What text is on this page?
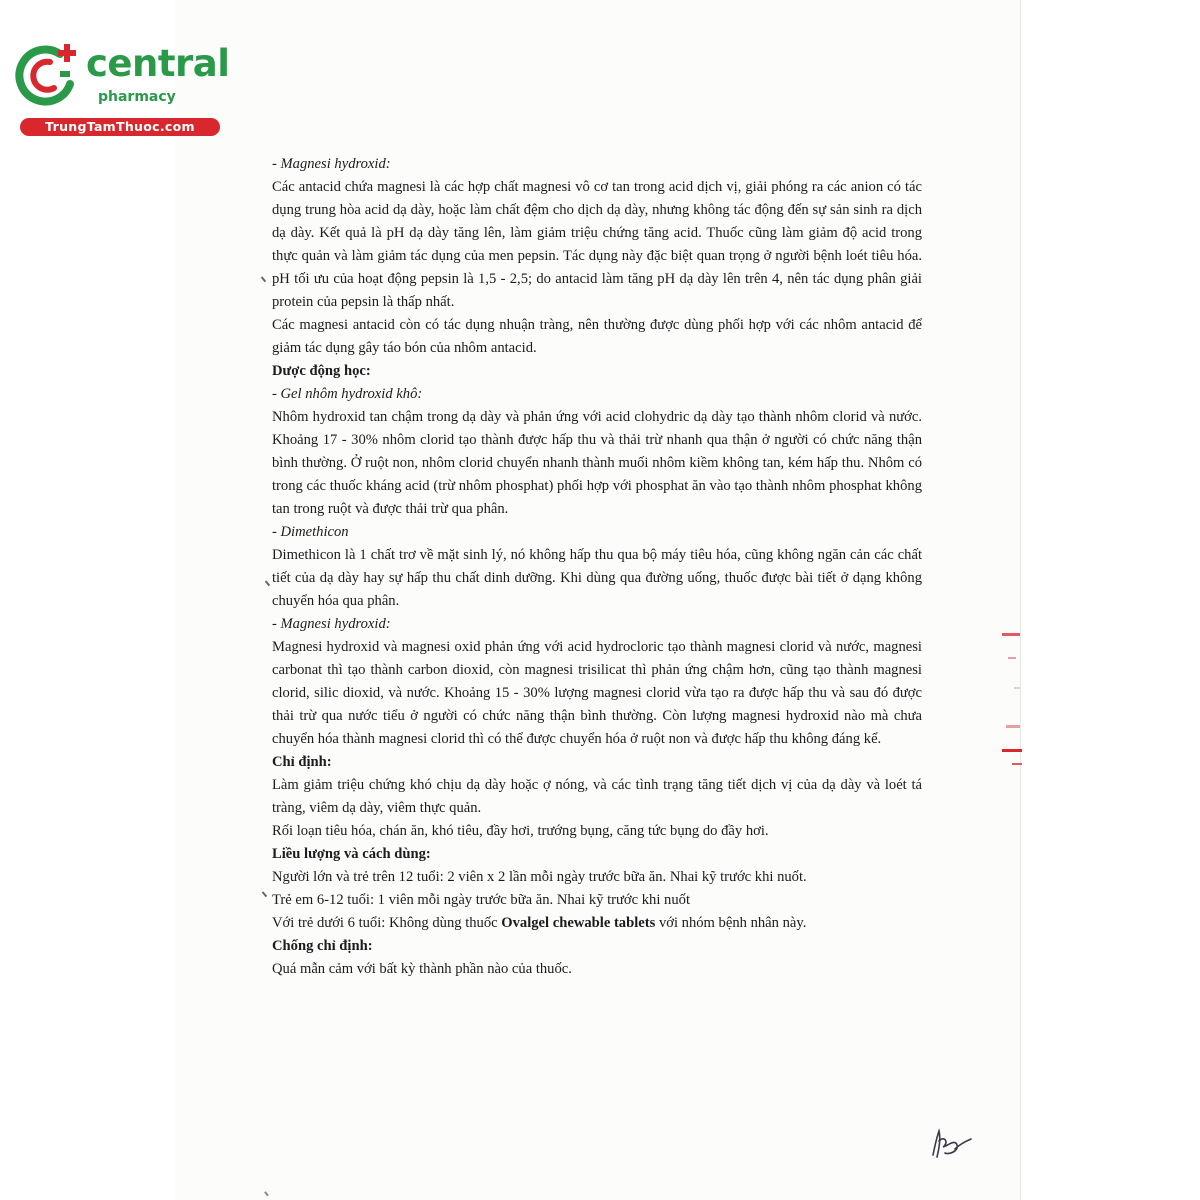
central
pharmacy
TrungTamThuoc.com

- Magnesi hydroxid:

Các antacid chứa magnesi là các hợp chất magnesi vô cơ tan trong acid dịch vị, giải phóng ra các anion có tác dụng trung hòa acid dạ dày, hoặc làm chất đệm cho dịch dạ dày, nhưng không tác động đến sự sản sinh ra dịch dạ dày. Kết quả là pH dạ dày tăng lên, làm giảm triệu chứng tăng acid. Thuốc cũng làm giảm độ acid trong thực quản và làm giảm tác dụng của men pepsin. Tác dụng này đặc biệt quan trọng ở người bệnh loét tiêu hóa. pH tối ưu của hoạt động pepsin là 1,5 - 2,5; do antacid làm tăng pH dạ dày lên trên 4, nên tác dụng phân giải protein của pepsin là thấp nhất.

Các magnesi antacid còn có tác dụng nhuận tràng, nên thường được dùng phối hợp với các nhôm antacid để giảm tác dụng gây táo bón của nhôm antacid.

Dược động học:

- Gel nhôm hydroxid khô:

Nhôm hydroxid tan chậm trong dạ dày và phản ứng với acid clohydric dạ dày tạo thành nhôm clorid và nước. Khoảng 17 - 30% nhôm clorid tạo thành được hấp thu và thải trừ nhanh qua thận ở người có chức năng thận bình thường. Ở ruột non, nhôm clorid chuyển nhanh thành muối nhôm kiềm không tan, kém hấp thu. Nhôm có trong các thuốc kháng acid (trừ nhôm phosphat) phối hợp với phosphat ăn vào tạo thành nhôm phosphat không tan trong ruột và được thải trừ qua phân.

- Dimethicon

Dimethicon là 1 chất trơ về mặt sinh lý, nó không hấp thu qua bộ máy tiêu hóa, cũng không ngăn cản các chất tiết của dạ dày hay sự hấp thu chất dinh dưỡng. Khi dùng qua đường uống, thuốc được bài tiết ở dạng không chuyển hóa qua phân.

- Magnesi hydroxid:

Magnesi hydroxid và magnesi oxid phản ứng với acid hydrocloric tạo thành magnesi clorid và nước, magnesi carbonat thì tạo thành carbon dioxid, còn magnesi trisilicat thì phản ứng chậm hơn, cũng tạo thành magnesi clorid, silic dioxid, và nước. Khoảng 15 - 30% lượng magnesi clorid vừa tạo ra được hấp thu và sau đó được thải trừ qua nước tiểu ở người có chức năng thận bình thường. Còn lượng magnesi hydroxid nào mà chưa chuyển hóa thành magnesi clorid thì có thể được chuyển hóa ở ruột non và được hấp thu không đáng kể.

Chỉ định:

Làm giảm triệu chứng khó chịu dạ dày hoặc ợ nóng, và các tình trạng tăng tiết dịch vị của dạ dày và loét tá tràng, viêm dạ dày, viêm thực quản.

Rối loạn tiêu hóa, chán ăn, khó tiêu, đầy hơi, trướng bụng, căng tức bụng do đầy hơi.

Liều lượng và cách dùng:

Người lớn và trẻ trên 12 tuổi: 2 viên x 2 lần mỗi ngày trước bữa ăn. Nhai kỹ trước khi nuốt.

Trẻ em 6-12 tuổi: 1 viên mỗi ngày trước bữa ăn. Nhai kỹ trước khi nuốt

Với trẻ dưới 6 tuổi: Không dùng thuốc Ovalgel chewable tablets với nhóm bệnh nhân này.

Chống chỉ định:

Quá mẫn cảm với bất kỳ thành phần nào của thuốc.
